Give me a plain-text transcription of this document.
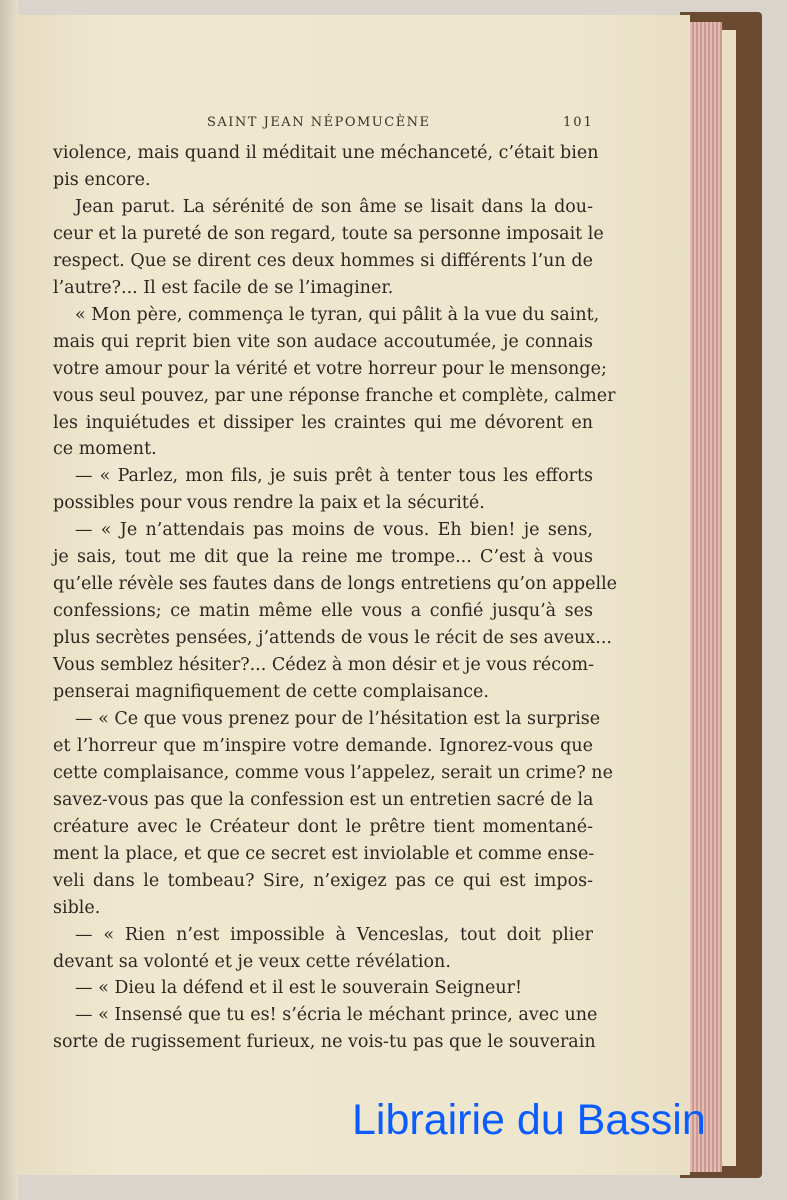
SAINT JEAN NÉPOMUCÈNE	101
violence, mais quand il méditait une méchanceté, c’était bien
pis encore.
Jean parut. La sérénité de son âme se lisait dans la dou-
ceur et la pureté de son regard, toute sa personne imposait le
respect. Que se dirent ces deux hommes si différents l’un de
l’autre?... Il est facile de se l’imaginer.
« Mon père, commença le tyran, qui pâlit à la vue du saint,
mais qui reprit bien vite son audace accoutumée, je connais
votre amour pour la vérité et votre horreur pour le mensonge;
vous seul pouvez, par une réponse franche et complète, calmer
les inquiétudes et dissiper les craintes qui me dévorent en
ce moment.
— « Parlez, mon fils, je suis prêt à tenter tous les efforts
possibles pour vous rendre la paix et la sécurité.
— « Je n’attendais pas moins de vous. Eh bien! je sens,
je sais, tout me dit que la reine me trompe... C’est à vous
qu’elle révèle ses fautes dans de longs entretiens qu’on appelle
confessions; ce matin même elle vous a confié jusqu’à ses
plus secrètes pensées, j’attends de vous le récit de ses aveux...
Vous semblez hésiter?... Cédez à mon désir et je vous récom-
penserai magnifiquement de cette complaisance.
— « Ce que vous prenez pour de l’hésitation est la surprise
et l’horreur que m’inspire votre demande. Ignorez-vous que
cette complaisance, comme vous l’appelez, serait un crime? ne
savez-vous pas que la confession est un entretien sacré de la
créature avec le Créateur dont le prêtre tient momentané-
ment la place, et que ce secret est inviolable et comme ense-
veli dans le tombeau? Sire, n’exigez pas ce qui est impos-
sible.
— « Rien n’est impossible à Venceslas, tout doit plier
devant sa volonté et je veux cette révélation.
— « Dieu la défend et il est le souverain Seigneur!
— « Insensé que tu es! s’écria le méchant prince, avec une
sorte de rugissement furieux, ne vois-tu pas que le souverain
Librairie du Bassin
